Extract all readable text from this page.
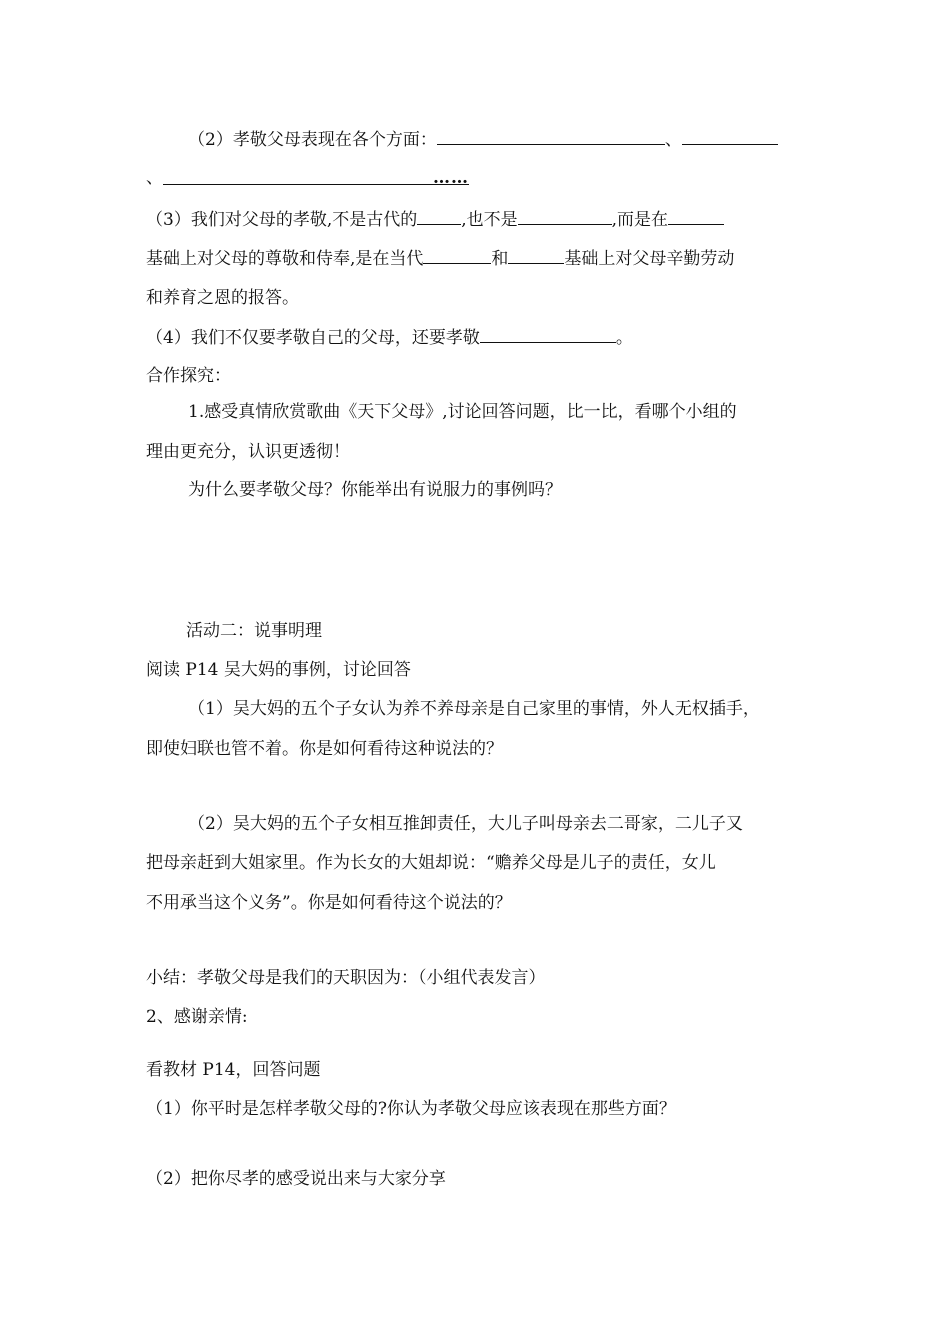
（2）孝敬父母表现在各个方面：	、
、	……
（3）我们对父母的孝敬,不是古代的	,也不是	,而是在
基础上对父母的尊敬和侍奉,是在当代	和	基础上对父母辛勤劳动
和养育之恩的报答。
（4）我们不仅要孝敬自己的父母，还要孝敬	。
合作探究：
1.感受真情欣赏歌曲《天下父母》,讨论回答问题，比一比，看哪个小组的
理由更充分，认识更透彻！
为什么要孝敬父母？你能举出有说服力的事例吗？
活动二：说事明理
阅读 P14 吴大妈的事例，讨论回答
（1）吴大妈的五个子女认为养不养母亲是自己家里的事情，外人无权插手，
即使妇联也管不着。你是如何看待这种说法的？
（2）吴大妈的五个子女相互推卸责任，大儿子叫母亲去二哥家，二儿子又
把母亲赶到大姐家里。作为长女的大姐却说：“赡养父母是儿子的责任，女儿
不用承当这个义务”。你是如何看待这个说法的？
小结：孝敬父母是我们的天职因为：（小组代表发言）
2、感谢亲情:
看教材 P14，回答问题
（1）你平时是怎样孝敬父母的?你认为孝敬父母应该表现在那些方面？
（2）把你尽孝的感受说出来与大家分享
